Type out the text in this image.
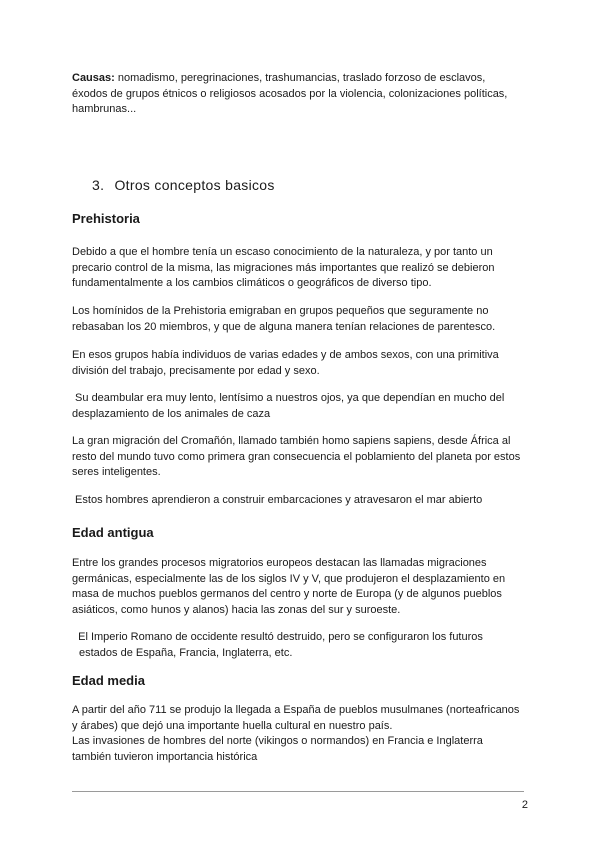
Causas: nomadismo, peregrinaciones, trashumancias, traslado forzoso de esclavos,
éxodos de grupos étnicos o religiosos acosados por la violencia, colonizaciones políticas,
hambrunas...

3. Otros conceptos basicos
Prehistoria

Debido a que el hombre tenía un escaso conocimiento de la naturaleza, y por tanto un
precario control de la misma, las migraciones más importantes que realizó se debieron
fundamentalmente a los cambios climáticos o geográficos de diverso tipo.

Los homínidos de la Prehistoria emigraban en grupos pequeños que seguramente no
rebasaban los 20 miembros, y que de alguna manera tenían relaciones de parentesco.

En esos grupos había individuos de varias edades y de ambos sexos, con una primitiva
división del trabajo, precisamente por edad y sexo.

Su deambular era muy lento, lentísimo a nuestros ojos, ya que dependían en mucho del
desplazamiento de los animales de caza

La gran migración del Cromañón, llamado también homo sapiens sapiens, desde África al
resto del mundo tuvo como primera gran consecuencia el poblamiento del planeta por estos
seres inteligentes.

Estos hombres aprendieron a construir embarcaciones y atravesaron el mar abierto

Edad antigua

Entre los grandes procesos migratorios europeos destacan las llamadas migraciones
germánicas, especialmente las de los siglos IV y V, que produjeron el desplazamiento en
masa de muchos pueblos germanos del centro y norte de Europa (y de algunos pueblos
asiáticos, como hunos y alanos) hacia las zonas del sur y suroeste.

El Imperio Romano de occidente resultó destruido, pero se configuraron los futuros
estados de España, Francia, Inglaterra, etc.

Edad media

A partir del año 711 se produjo la llegada a España de pueblos musulmanes (norteafricanos
y árabes) que dejó una importante huella cultural en nuestro país.
Las invasiones de hombres del norte (vikingos o normandos) en Francia e Inglaterra
también tuvieron importancia histórica

2
